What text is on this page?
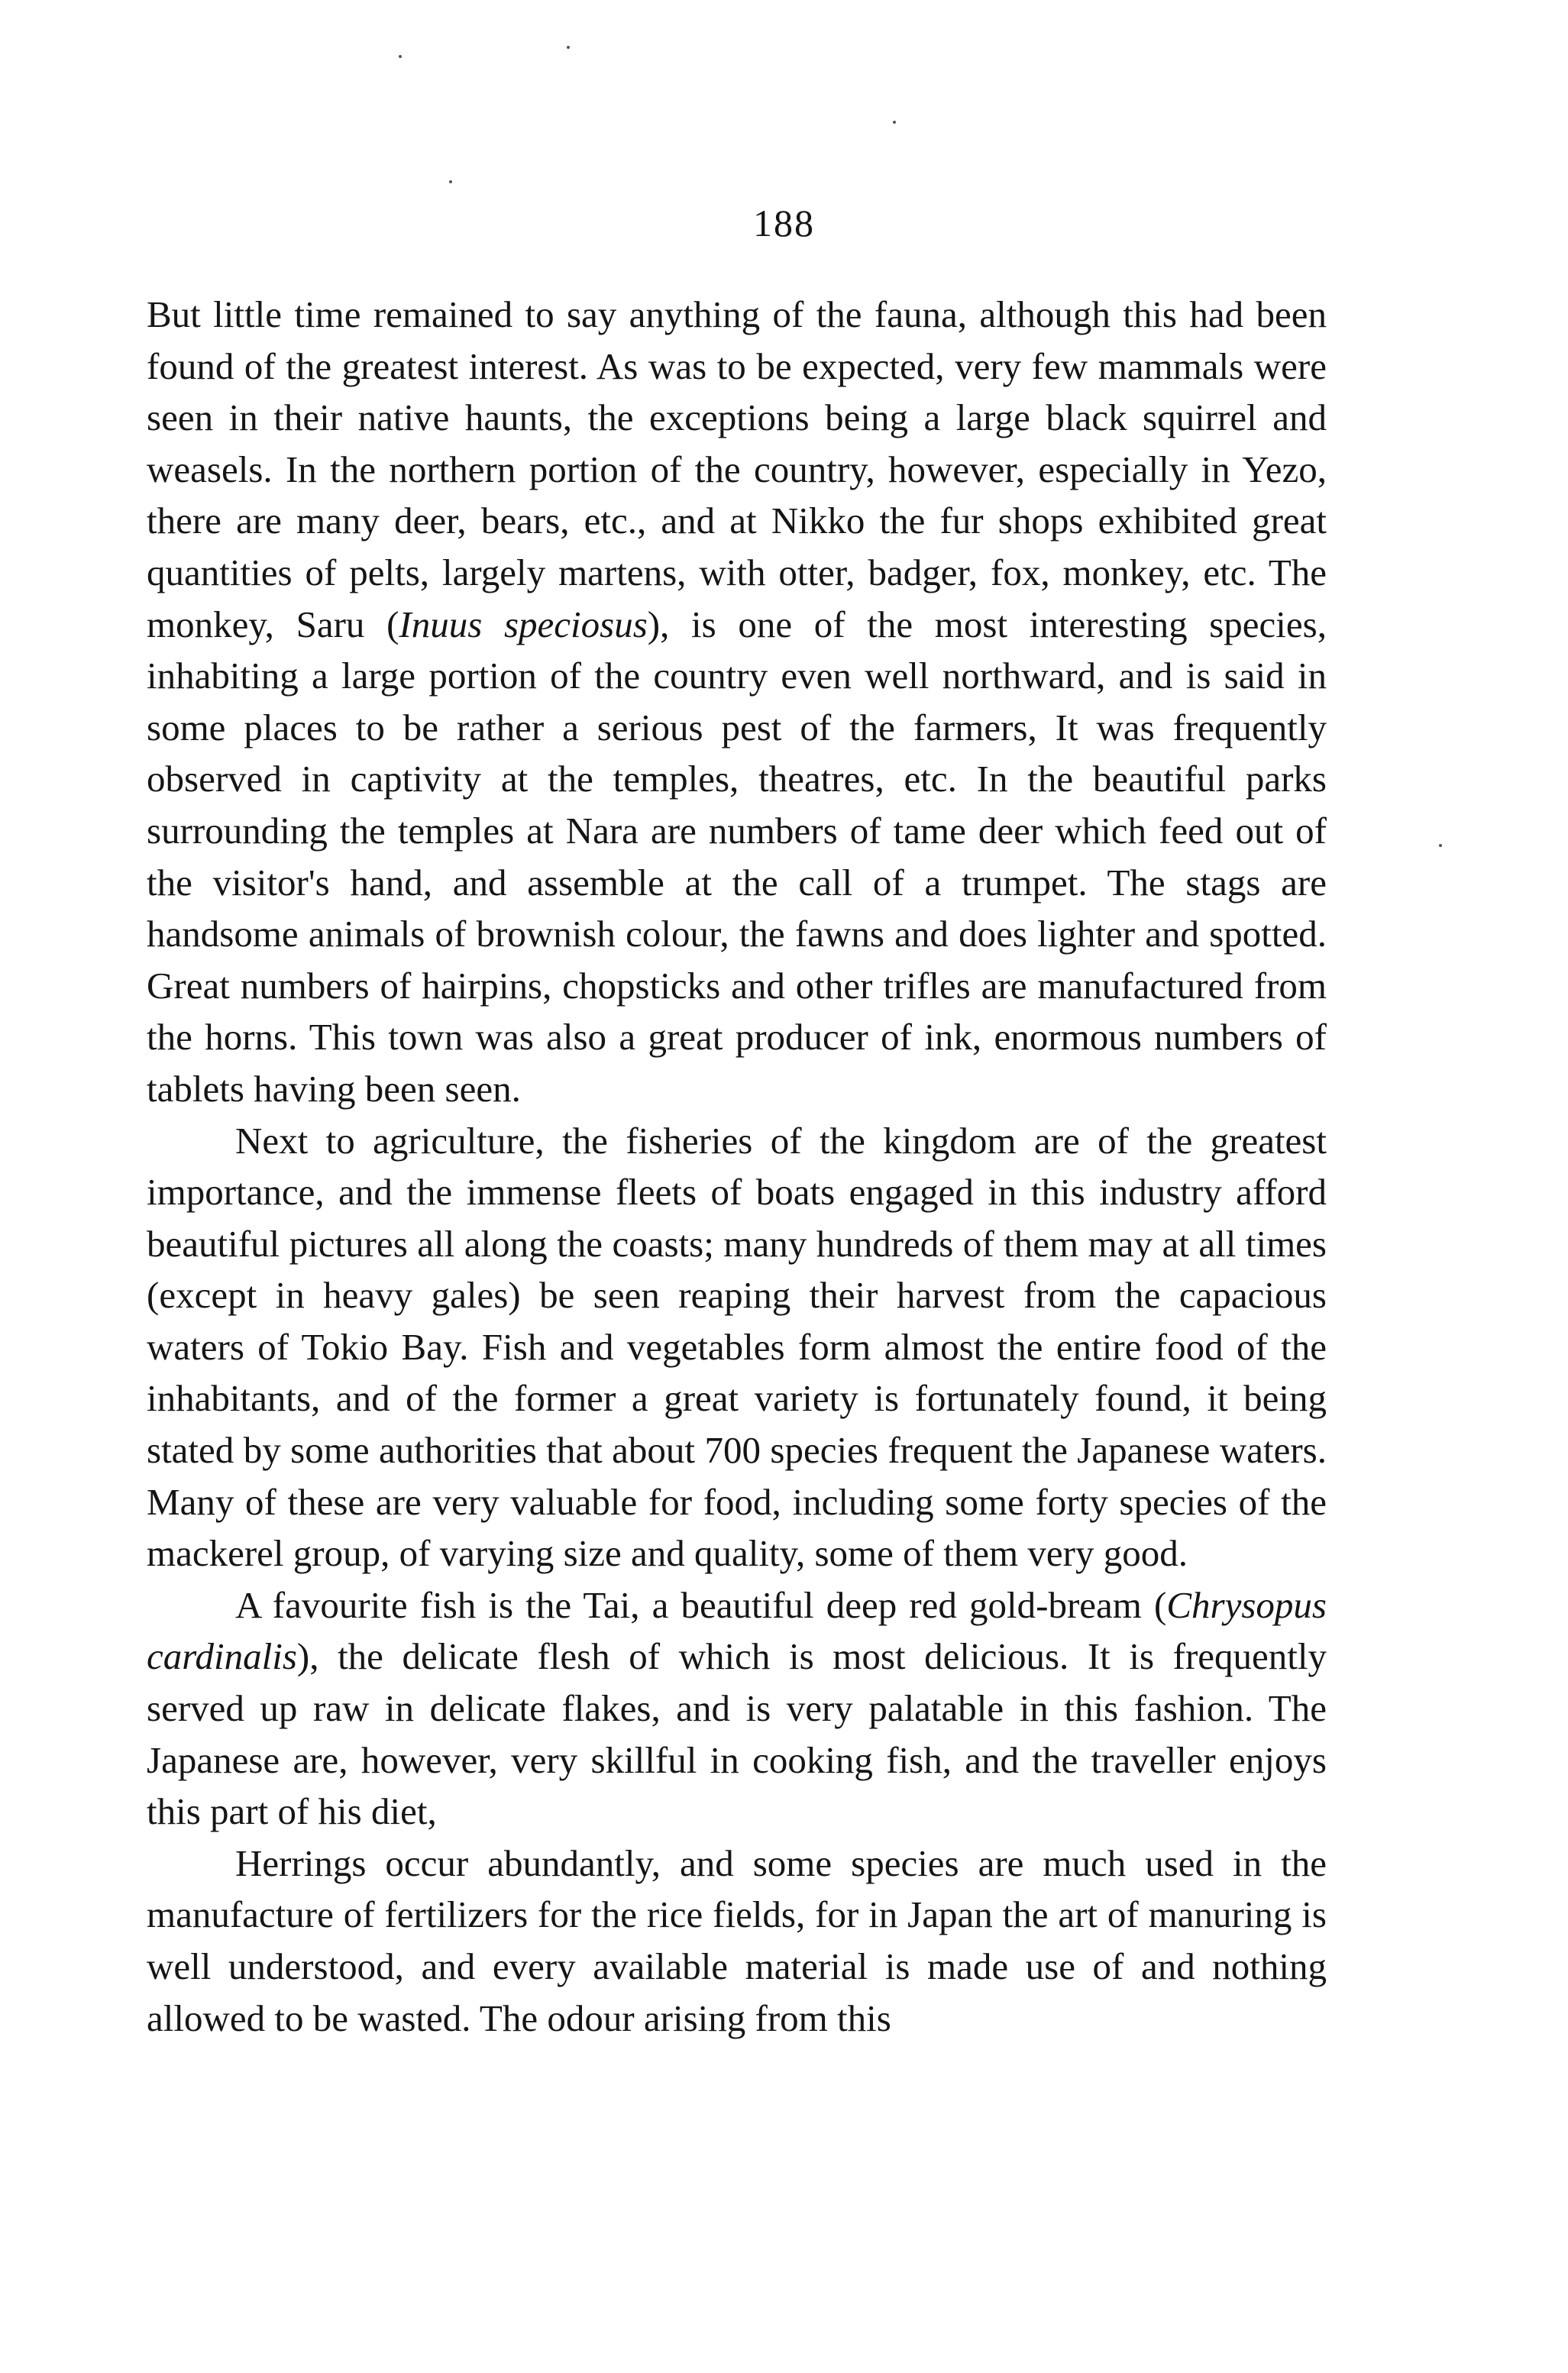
188

But little time remained to say anything of the fauna, although this had been found of the greatest interest. As was to be expected, very few mammals were seen in their native haunts, the exceptions being a large black squirrel and weasels. In the northern portion of the country, however, especially in Yezo, there are many deer, bears, etc., and at Nikko the fur shops exhibited great quantities of pelts, largely martens, with otter, badger, fox, monkey, etc. The monkey, Saru (Inuus speciosus), is one of the most interesting species, inhabiting a large portion of the country even well northward, and is said in some places to be rather a serious pest of the farmers, It was frequently observed in captivity at the temples, theatres, etc. In the beautiful parks surrounding the temples at Nara are numbers of tame deer which feed out of the visitor's hand, and assemble at the call of a trumpet. The stags are handsome animals of brownish colour, the fawns and does lighter and spotted. Great numbers of hairpins, chopsticks and other trifles are manufactured from the horns. This town was also a great producer of ink, enormous numbers of tablets having been seen.

Next to agriculture, the fisheries of the kingdom are of the greatest importance, and the immense fleets of boats engaged in this industry afford beautiful pictures all along the coasts; many hundreds of them may at all times (except in heavy gales) be seen reaping their harvest from the capacious waters of Tokio Bay. Fish and vegetables form almost the entire food of the inhabitants, and of the former a great variety is fortunately found, it being stated by some authorities that about 700 species frequent the Japanese waters. Many of these are very valuable for food, including some forty species of the mackerel group, of varying size and quality, some of them very good.

A favourite fish is the Tai, a beautiful deep red gold-bream (Chrysopus cardinalis), the delicate flesh of which is most delicious. It is frequently served up raw in delicate flakes, and is very palatable in this fashion. The Japanese are, however, very skillful in cooking fish, and the traveller enjoys this part of his diet,

Herrings occur abundantly, and some species are much used in the manufacture of fertilizers for the rice fields, for in Japan the art of manuring is well understood, and every available material is made use of and nothing allowed to be wasted. The odour arising from this
